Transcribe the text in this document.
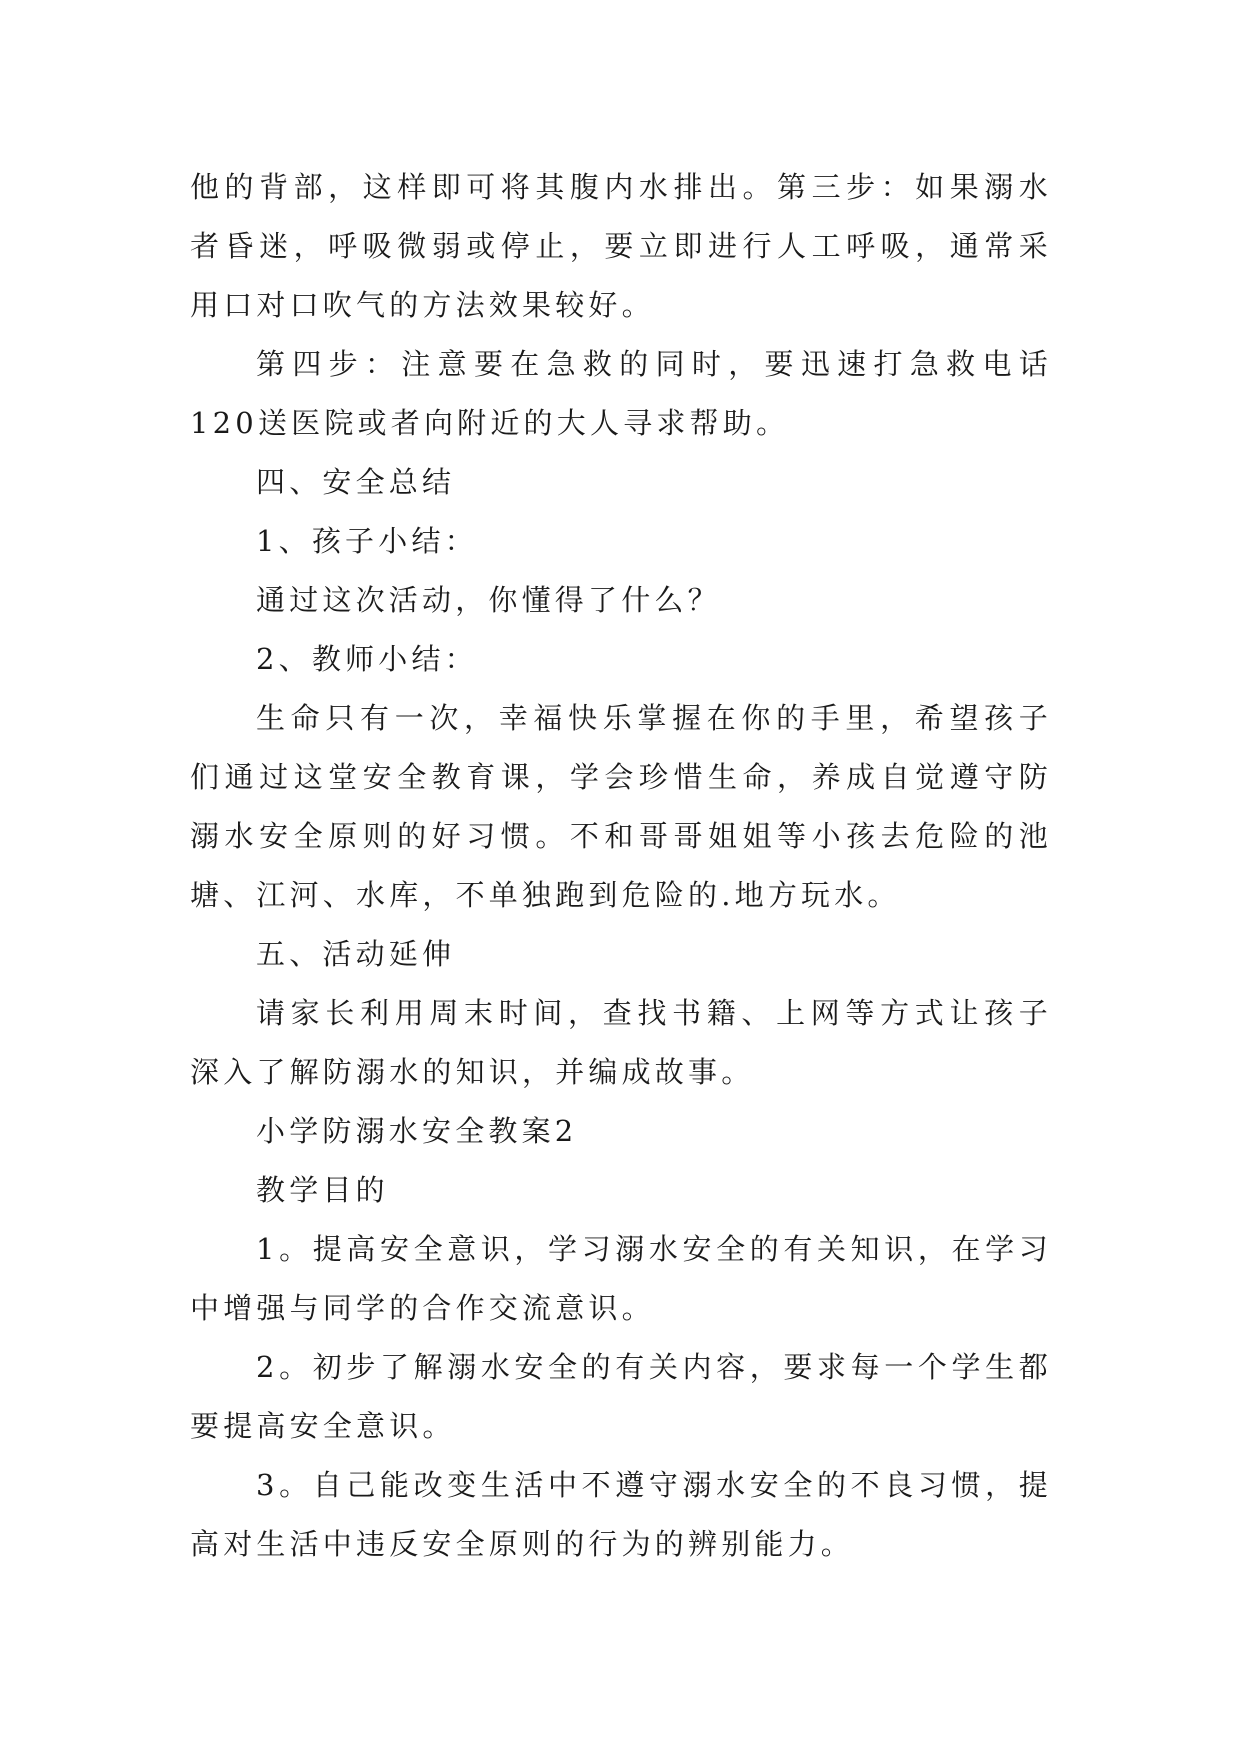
他的背部，这样即可将其腹内水排出。第三步：如果溺水者昏迷，呼吸微弱或停止，要立即进行人工呼吸，通常采用口对口吹气的方法效果较好。

第四步：注意要在急救的同时，要迅速打急救电话120送医院或者向附近的大人寻求帮助。

四、安全总结

1、孩子小结：

通过这次活动，你懂得了什么？

2、教师小结：

生命只有一次，幸福快乐掌握在你的手里，希望孩子们通过这堂安全教育课，学会珍惜生命，养成自觉遵守防溺水安全原则的好习惯。不和哥哥姐姐等小孩去危险的池塘、江河、水库，不单独跑到危险的.地方玩水。

五、活动延伸

请家长利用周末时间，查找书籍、上网等方式让孩子深入了解防溺水的知识，并编成故事。

小学防溺水安全教案2

教学目的

1。提高安全意识，学习溺水安全的有关知识，在学习中增强与同学的合作交流意识。

2。初步了解溺水安全的有关内容，要求每一个学生都要提高安全意识。

3。自己能改变生活中不遵守溺水安全的不良习惯，提高对生活中违反安全原则的行为的辨别能力。
